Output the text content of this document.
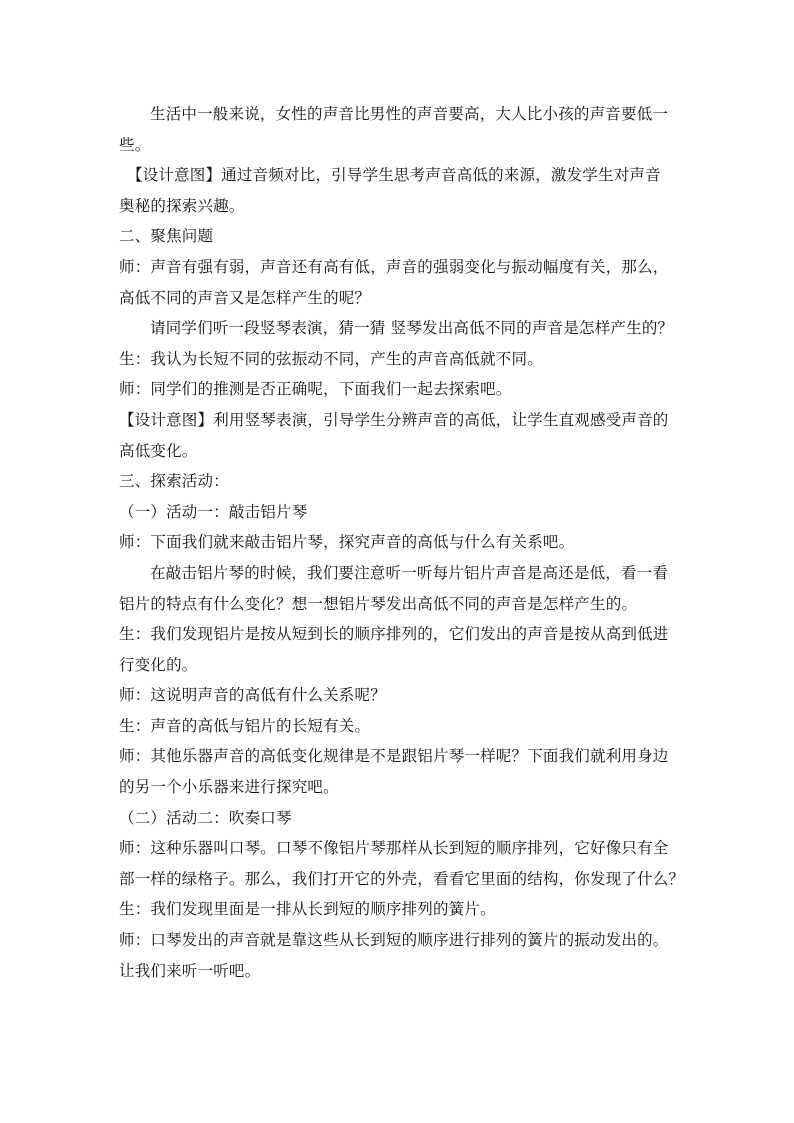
生活中一般来说，女性的声音比男性的声音要高，大人比小孩的声音要低一
些。
【设计意图】通过音频对比，引导学生思考声音高低的来源，激发学生对声音
奥秘的探索兴趣。
二、聚焦问题
师：声音有强有弱，声音还有高有低，声音的强弱变化与振动幅度有关，那么，
高低不同的声音又是怎样产生的呢？
请同学们听一段竖琴表演，猜一猜 竖琴发出高低不同的声音是怎样产生的？
生：我认为长短不同的弦振动不同，产生的声音高低就不同。
师：同学们的推测是否正确呢，下面我们一起去探索吧。
【设计意图】利用竖琴表演，引导学生分辨声音的高低，让学生直观感受声音的
高低变化。
三、探索活动：
（一）活动一：敲击铝片琴
师：下面我们就来敲击铝片琴，探究声音的高低与什么有关系吧。
在敲击铝片琴的时候，我们要注意听一听每片铝片声音是高还是低，看一看
铝片的特点有什么变化？想一想铝片琴发出高低不同的声音是怎样产生的。
生：我们发现铝片是按从短到长的顺序排列的，它们发出的声音是按从高到低进
行变化的。
师：这说明声音的高低有什么关系呢？
生：声音的高低与铝片的长短有关。
师：其他乐器声音的高低变化规律是不是跟铝片琴一样呢？下面我们就利用身边
的另一个小乐器来进行探究吧。
（二）活动二：吹奏口琴
师：这种乐器叫口琴。口琴不像铝片琴那样从长到短的顺序排列，它好像只有全
部一样的绿格子。那么，我们打开它的外壳，看看它里面的结构，你发现了什么？
生：我们发现里面是一排从长到短的顺序排列的簧片。
师：口琴发出的声音就是靠这些从长到短的顺序进行排列的簧片的振动发出的。
让我们来听一听吧。
